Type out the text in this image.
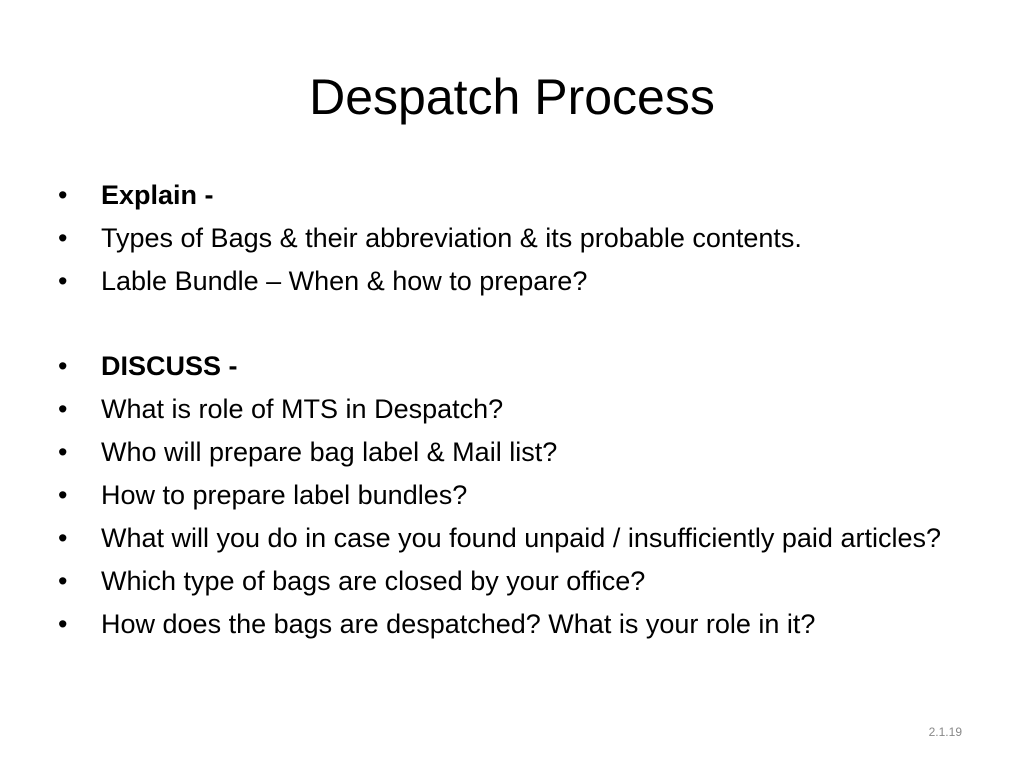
Despatch Process
•	Explain -
•	Types of Bags & their abbreviation & its probable contents.
•	Lable Bundle – When & how to prepare?
•	DISCUSS -
•	What is role of MTS in Despatch?
•	Who will prepare bag label & Mail list?
•	How to prepare label bundles?
•	What will you do in case you found unpaid / insufficiently paid articles?
•	Which type of bags are closed by your office?
•	How does the bags are despatched? What is your role in it?
2.1.19
